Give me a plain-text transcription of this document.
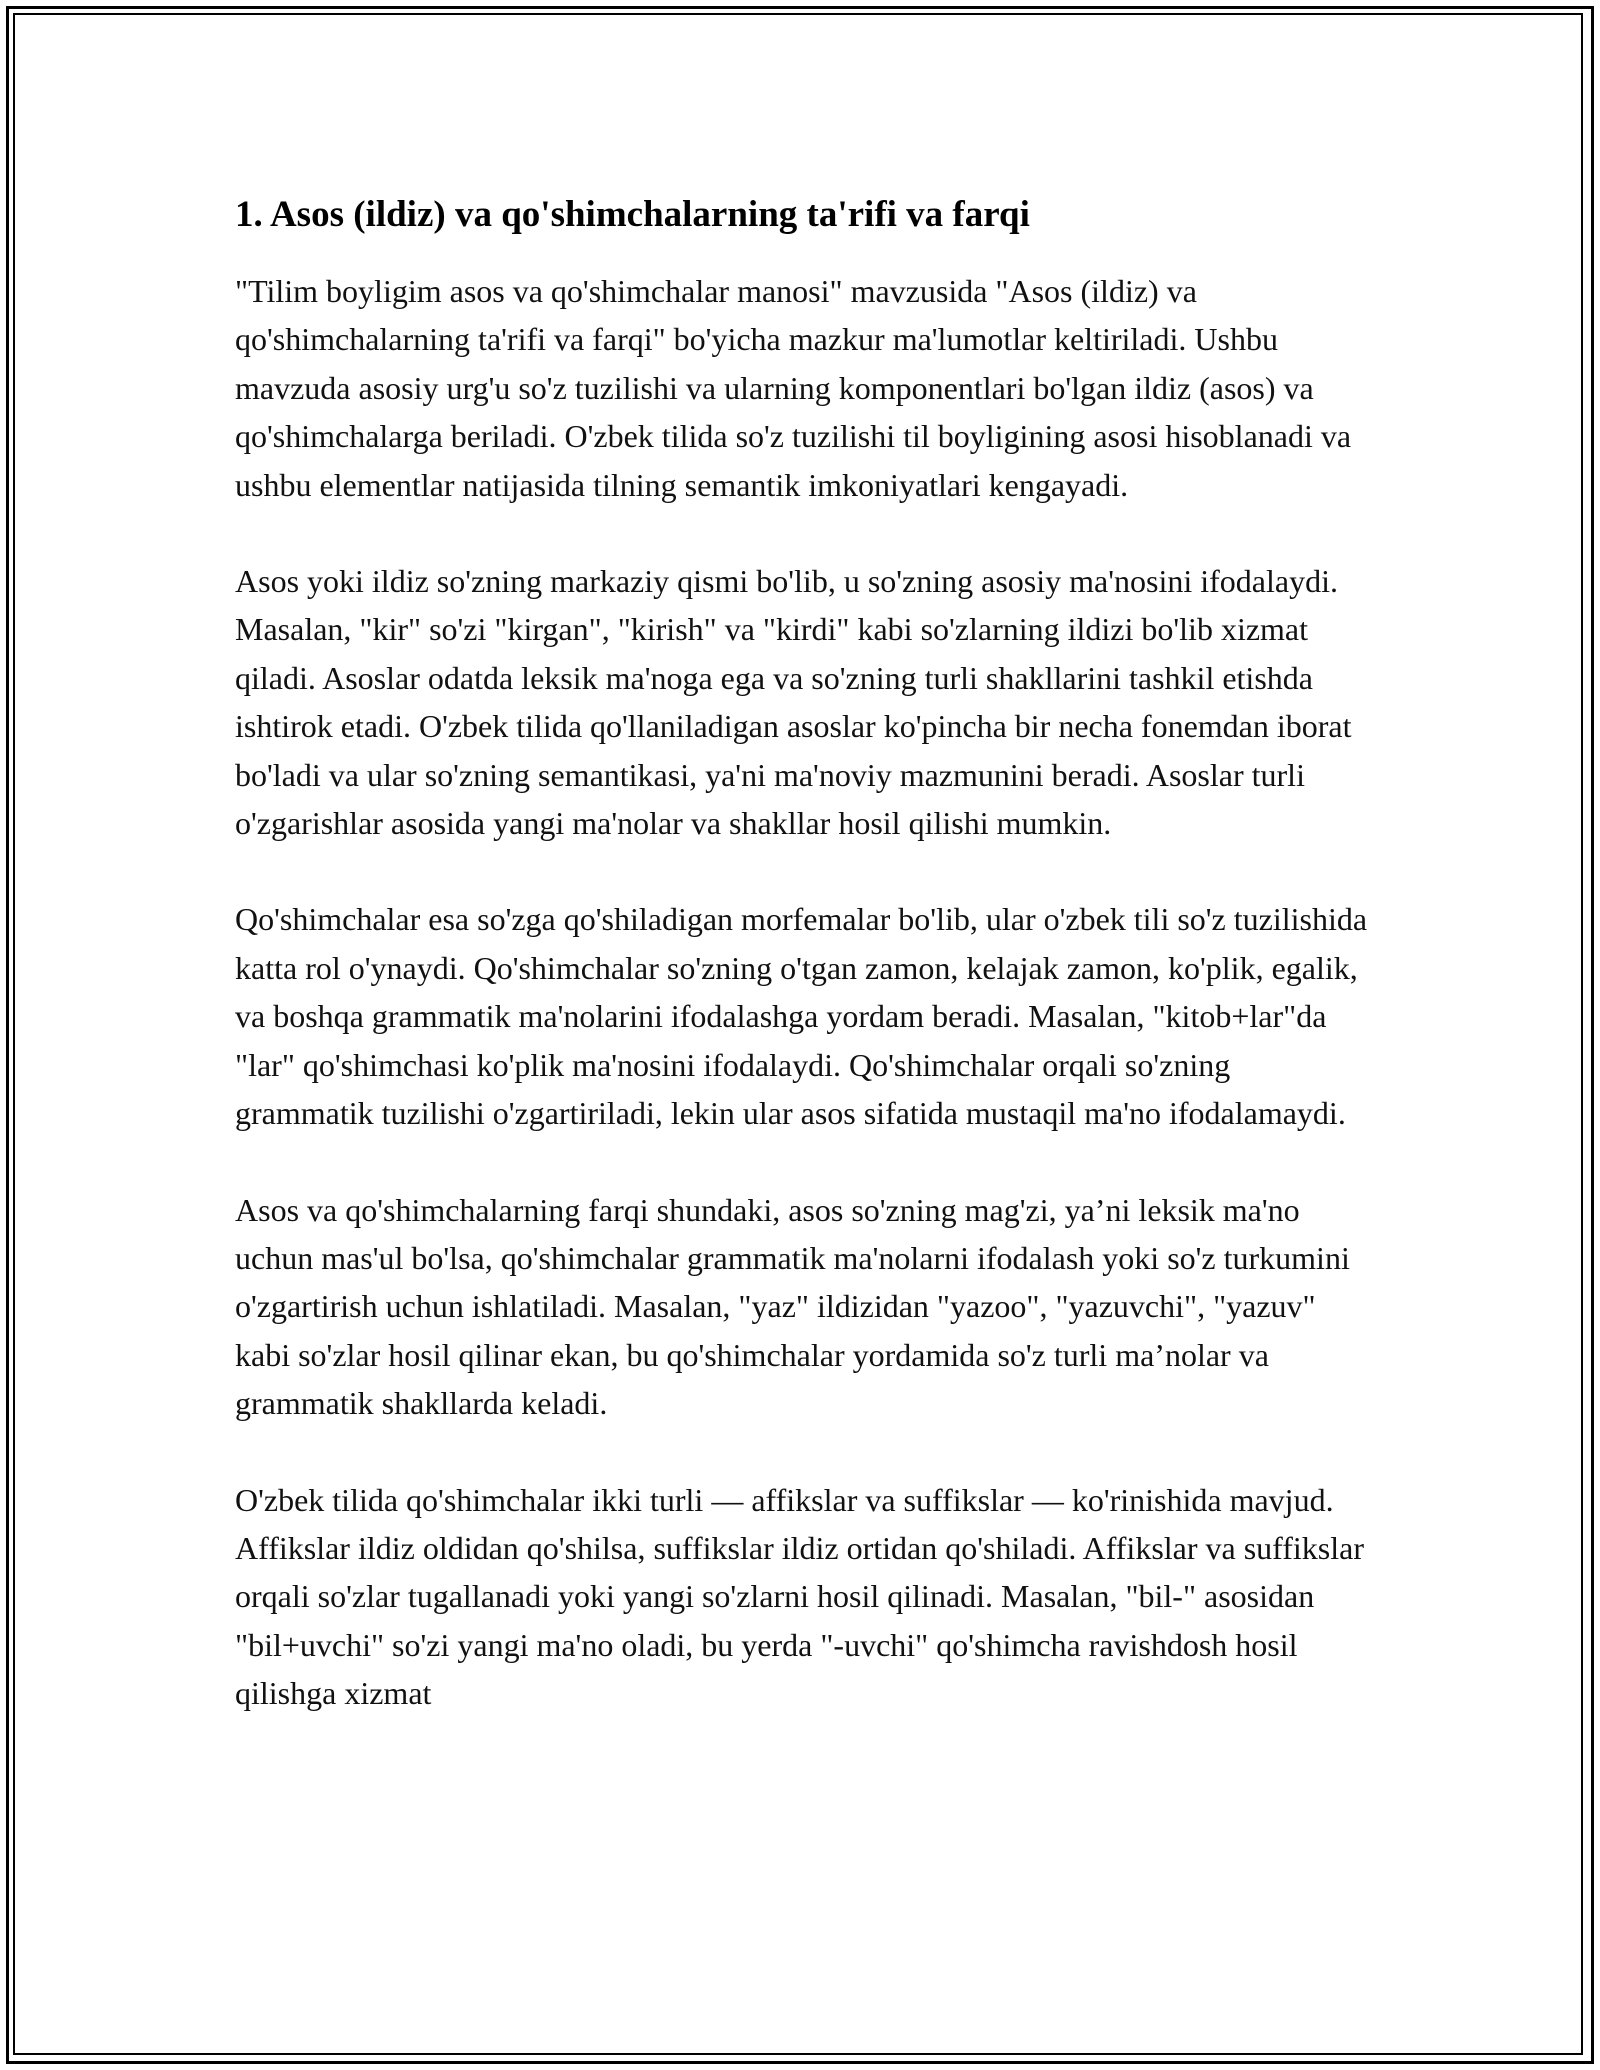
1. Asos (ildiz) va qo'shimchalarning ta'rifi va farqi

"Tilim boyligim asos va qo'shimchalar manosi" mavzusida "Asos (ildiz) va qo'shimchalarning ta'rifi va farqi" bo'yicha mazkur ma'lumotlar keltiriladi. Ushbu mavzuda asosiy urg'u so'z tuzilishi va ularning komponentlari bo'lgan ildiz (asos) va qo'shimchalarga beriladi. O'zbek tilida so'z tuzilishi til boyligining asosi hisoblanadi va ushbu elementlar natijasida tilning semantik imkoniyatlari kengayadi.

Asos yoki ildiz so'zning markaziy qismi bo'lib, u so'zning asosiy ma'nosini ifodalaydi. Masalan, "kir" so'zi "kirgan", "kirish" va "kirdi" kabi so'zlarning ildizi bo'lib xizmat qiladi. Asoslar odatda leksik ma'noga ega va so'zning turli shakllarini tashkil etishda ishtirok etadi. O'zbek tilida qo'llaniladigan asoslar ko'pincha bir necha fonemdan iborat bo'ladi va ular so'zning semantikasi, ya'ni ma'noviy mazmunini beradi. Asoslar turli o'zgarishlar asosida yangi ma'nolar va shakllar hosil qilishi mumkin.

Qo'shimchalar esa so'zga qo'shiladigan morfemalar bo'lib, ular o'zbek tili so'z tuzilishida katta rol o'ynaydi. Qo'shimchalar so'zning o'tgan zamon, kelajak zamon, ko'plik, egalik, va boshqa grammatik ma'nolarini ifodalashga yordam beradi. Masalan, "kitob+lar"da "lar" qo'shimchasi ko'plik ma'nosini ifodalaydi. Qo'shimchalar orqali so'zning grammatik tuzilishi o'zgartiriladi, lekin ular asos sifatida mustaqil ma'no ifodalamaydi.

Asos va qo'shimchalarning farqi shundaki, asos so'zning mag'zi, ya’ni leksik ma'no uchun mas'ul bo'lsa, qo'shimchalar grammatik ma'nolarni ifodalash yoki so'z turkumini o'zgartirish uchun ishlatiladi. Masalan, "yaz" ildizidan "yazoo", "yazuvchi", "yazuv" kabi so'zlar hosil qilinar ekan, bu qo'shimchalar yordamida so'z turli ma’nolar va grammatik shakllarda keladi.

O'zbek tilida qo'shimchalar ikki turli — affikslar va suffikslar — ko'rinishida mavjud. Affikslar ildiz oldidan qo'shilsa, suffikslar ildiz ortidan qo'shiladi. Affikslar va suffikslar orqali so'zlar tugallanadi yoki yangi so'zlarni hosil qilinadi. Masalan, "bil-" asosidan "bil+uvchi" so'zi yangi ma'no oladi, bu yerda "-uvchi" qo'shimcha ravishdosh hosil qilishga xizmat
